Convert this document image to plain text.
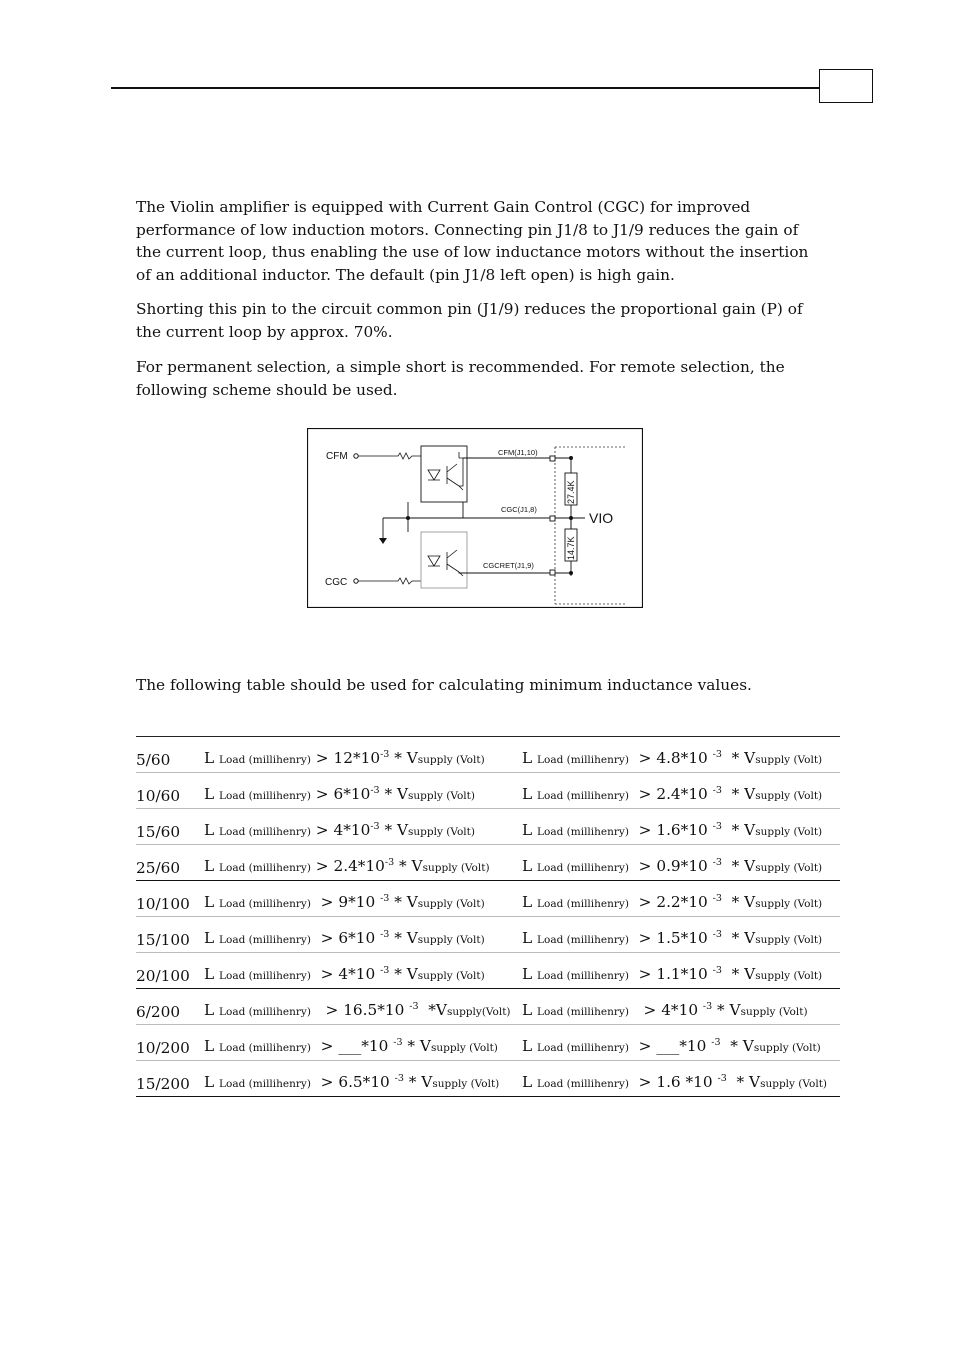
The Violin amplifier is equipped with Current Gain Control (CGC) for improved performance of low induction motors. Connecting pin J1/8 to J1/9 reduces the gain of the current loop, thus enabling the use of low inductance motors without the insertion of an additional inductor. The default (pin J1/8 left open) is high gain.

Shorting this pin to the circuit common pin (J1/9) reduces the proportional gain (P) of the current loop by approx. 70%.

For permanent selection, a simple short is recommended. For remote selection, the following scheme should be used.

CFM
CGC
CFM(J1,10)
CGC(J1,8)
CGCRET(J1,9)
27.4K
14.7K
VIO

The following table should be used for calculating minimum inductance values.

5/60 L Load (millihenry) > $12*10^{-3}$ * Vsupply (Volt) L Load (millihenry)  > 4.8*10 $^{-3}$  * Vsupply (Volt)
10/60 L Load (millihenry) > $6*10^{-3}$ * Vsupply (Volt)	L Load (millihenry)  > 2.4*10 $^{-3}$  * Vsupply (Volt)
15/60 L Load (millihenry) > $4*10^{-3}$ * Vsupply (Volt)	L Load (millihenry)  > 1.6*10 $^{-3}$  * Vsupply (Volt)
25/60 L Load (millihenry) > $2.4*10^{-3}$ * Vsupply (Volt) L Load (millihenry)  > 0.9*10 $^{-3}$  * Vsupply (Volt)
10/100 L Load (millihenry)  > 9*10 $^{-3}$ * Vsupply (Volt) L Load (millihenry)  > 2.2*10 $^{-3}$  * Vsupply (Volt)
15/100 L Load (millihenry)  > 6*10 $^{-3}$ * Vsupply (Volt) L Load (millihenry)  > 1.5*10 $^{-3}$  * Vsupply (Volt)
20/100 L Load (millihenry)  > 4*10 $^{-3}$ * Vsupply (Volt) L Load (millihenry)  > 1.1*10 $^{-3}$  * Vsupply (Volt)
6/200 L Load (millihenry)   > 16.5*10 $^{-3}$  *Vsupply(Volt) L Load (millihenry)   > 4*10 $^{-3}$ * Vsupply (Volt)
10/200 L Load (millihenry)  > ___*10 $^{-3}$ * Vsupply (Volt) L Load (millihenry)  > ___*10 $^{-3}$  * Vsupply (Volt)
15/200 L Load (millihenry)  > 6.5*10 $^{-3}$ * Vsupply (Volt) L Load (millihenry)  > 1.6 *10 $^{-3}$  * Vsupply (Volt)
